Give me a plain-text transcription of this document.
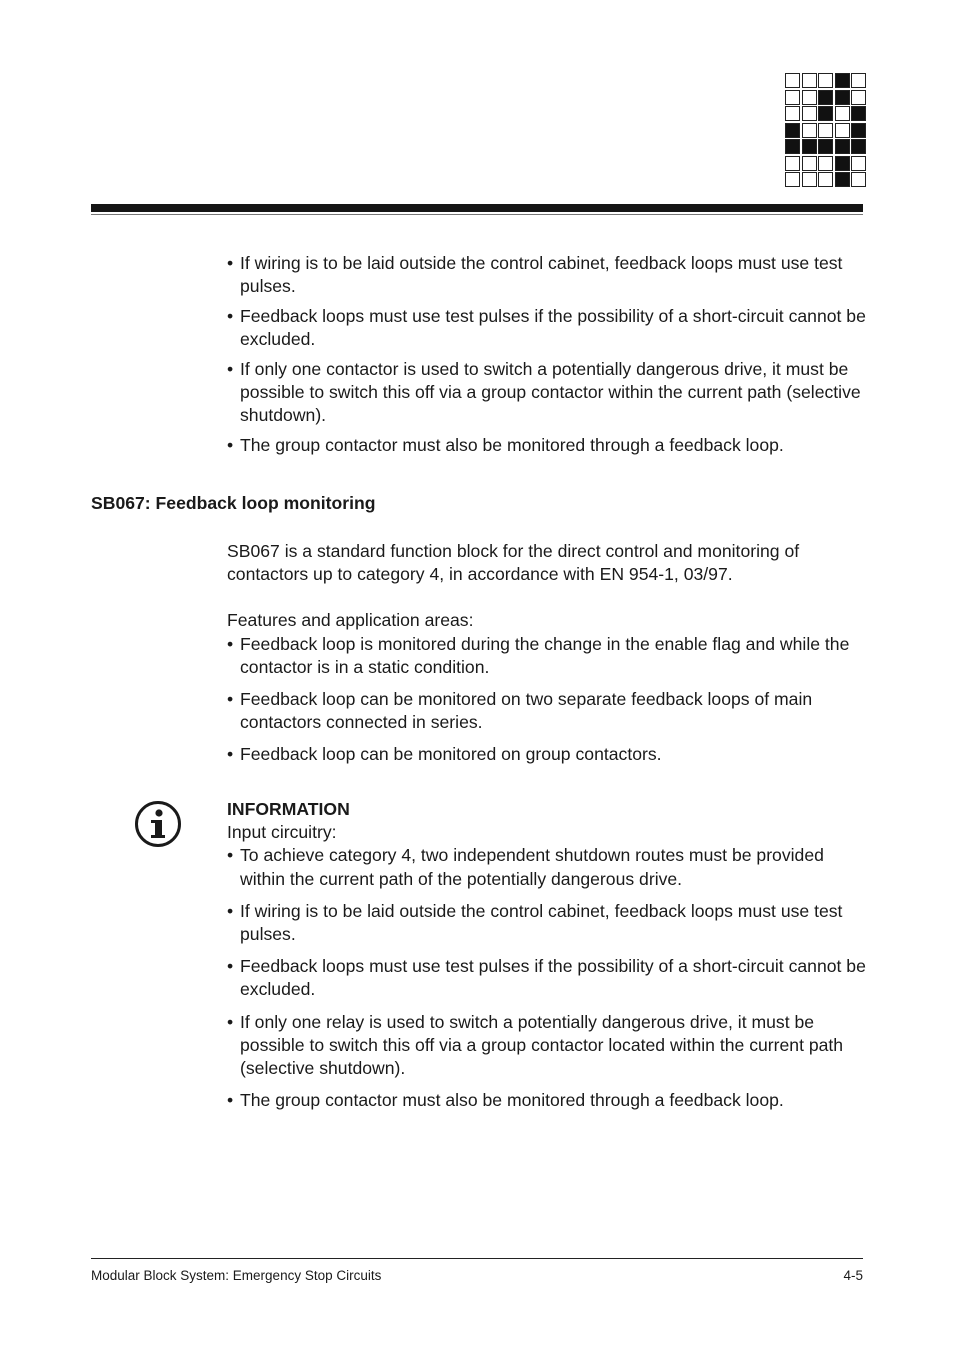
• If wiring is to be laid outside the control cabinet, feedback loops must use test pulses.

• Feedback loops must use test pulses if the possibility of a short-circuit cannot be excluded.

• If only one contactor is used to switch a potentially dangerous drive, it must be possible to switch this off via a group contactor within the current path (selective shutdown).

• The group contactor must also be monitored through a feedback loop.

SB067: Feedback loop monitoring

SB067 is a standard function block for the direct control and monitoring of contactors up to category 4, in accordance with EN 954-1, 03/97.

Features and application areas:

• Feedback loop is monitored during the change in the enable flag and while the contactor is in a static condition.

• Feedback loop can be monitored on two separate feedback loops of main contactors connected in series.

• Feedback loop can be monitored on group contactors.

INFORMATION

Input circuitry:

• To achieve category 4, two independent shutdown routes must be provided within the current path of the potentially dangerous drive.

• If wiring is to be laid outside the control cabinet, feedback loops must use test pulses.

• Feedback loops must use test pulses if the possibility of a short-circuit cannot be excluded.

• If only one relay is used to switch a potentially dangerous drive, it must be possible to switch this off via a group contactor located within the current path (selective shutdown).

• The group contactor must also be monitored through a feedback loop.

Modular Block System: Emergency Stop Circuits	4-5
